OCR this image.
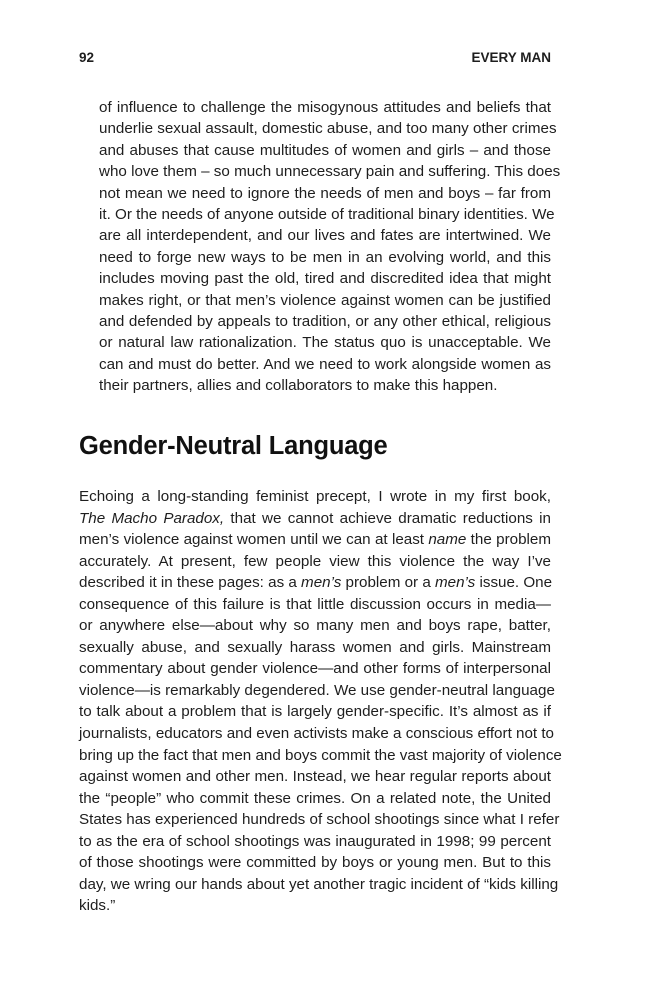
92	EVERY MAN
of influence to challenge the misogynous attitudes and beliefs that
underlie sexual assault, domestic abuse, and too many other crimes
and abuses that cause multitudes of women and girls – and those
who love them – so much unnecessary pain and suffering. This does
not mean we need to ignore the needs of men and boys – far from
it. Or the needs of anyone outside of traditional binary identities. We
are all interdependent, and our lives and fates are intertwined. We
need to forge new ways to be men in an evolving world, and this
includes moving past the old, tired and discredited idea that might
makes right, or that men’s violence against women can be justified
and defended by appeals to tradition, or any other ethical, religious
or natural law rationalization. The status quo is unacceptable. We
can and must do better. And we need to work alongside women as
their partners, allies and collaborators to make this happen.
Gender-Neutral Language
Echoing a long-standing feminist precept, I wrote in my first book,
The Macho Paradox, that we cannot achieve dramatic reductions in
men’s violence against women until we can at least name the problem
accurately. At present, few people view this violence the way I’ve
described it in these pages: as a men’s problem or a men’s issue. One
consequence of this failure is that little discussion occurs in media—
or anywhere else—about why so many men and boys rape, batter,
sexually abuse, and sexually harass women and girls. Mainstream
commentary about gender violence—and other forms of interpersonal
violence—is remarkably degendered. We use gender-neutral language
to talk about a problem that is largely gender-specific. It’s almost as if
journalists, educators and even activists make a conscious effort not to
bring up the fact that men and boys commit the vast majority of violence
against women and other men. Instead, we hear regular reports about
the “people” who commit these crimes. On a related note, the United
States has experienced hundreds of school shootings since what I refer
to as the era of school shootings was inaugurated in 1998; 99 percent
of those shootings were committed by boys or young men. But to this
day, we wring our hands about yet another tragic incident of “kids killing
kids.”
